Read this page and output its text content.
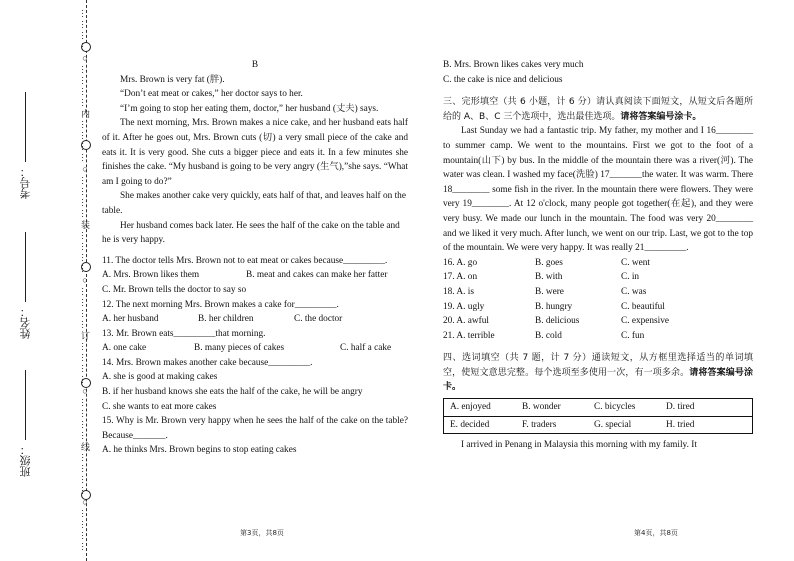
…………○…………内…………○…………装…………○…………订…………○…………线…………○…………
考号：
姓名：
班级：

B

Mrs. Brown is very fat (胖).

“Don’t eat meat or cakes,” her doctor says to her.

“I’m going to stop her eating them, doctor,” her husband (丈夫) says.

The next morning, Mrs. Brown makes a nice cake, and her husband eats half of it. After he goes out, Mrs. Brown cuts (切) a very small piece of the cake and eats it. It is very good. She cuts a bigger piece and eats it. In a few minutes she finishes the cake. “My husband is going to be very angry (生气),”she says. “What am I going to do?”

She makes another cake very quickly, eats half of that, and leaves half on the table.

Her husband comes back later. He sees the half of the cake on the table and he is very happy.

11. The doctor tells Mrs. Brown not to eat meat or cakes because_________.

A. Mrs. Brown likes them	B. meat and cakes can make her fatter

C. Mr. Brown tells the doctor to say so

12. The next morning Mrs. Brown makes a cake for_________.

A. her husband	B. her children	C. the doctor

13. Mr. Brown eats_________that morning.

A. one cake	B. many pieces of cakes	C. half a cake

14. Mrs. Brown makes another cake because_________.

A. she is good at making cakes

B. if her husband knows she eats the half of the cake, he will be angry

C. she wants to eat more cakes

15. Why is Mr. Brown very happy when he sees the half of the cake on the table? Because_______.

A. he thinks Mrs. Brown begins to stop eating cakes

B. Mrs. Brown likes cakes very much

C. the cake is nice and delicious

三、完形填空（共 6 小题，计 6 分）请认真阅读下面短文，从短文后各题所给的 A、B、C 三个选项中，选出最佳选项。请将答案编号涂卡。

Last Sunday we had a fantastic trip. My father, my mother and I 16________ to summer camp. We went to the mountains. First we got to the foot of a mountain(山下) by bus. In the middle of the mountain there was a river(河). The water was clean. I washed my face(洗脸) 17_______the water. It was warm. There 18________ some fish in the river. In the mountain there were flowers. They were very 19________. At 12 o'clock, many people got together(在起), and they were very busy. We made our lunch in the mountain. The food was very 20________ and we liked it very much. After lunch, we went on our trip. Last, we got to the top of the mountain. We were very happy. It was really 21_________.

16. A. go	B. goes	C. went
17. A. on	B. with	C. in
18. A. is	B. were	C. was
19. A. ugly	B. hungry	C. beautiful
20. A. awful	B. delicious	C. expensive
21. A. terrible	B. cold	C. fun

四、选词填空（共 7 题，计 7 分）通读短文，从方框里选择适当的单词填空，使短文意思完整。每个选项至多使用一次，有一项多余。请将答案编号涂卡。

A. enjoyed	B. wonder	C. bicycles	D. tired
E. decided	F. traders	G. special	H. tried

I arrived in Penang in Malaysia this morning with my family. It

第3页，共8页	第4页，共8页
